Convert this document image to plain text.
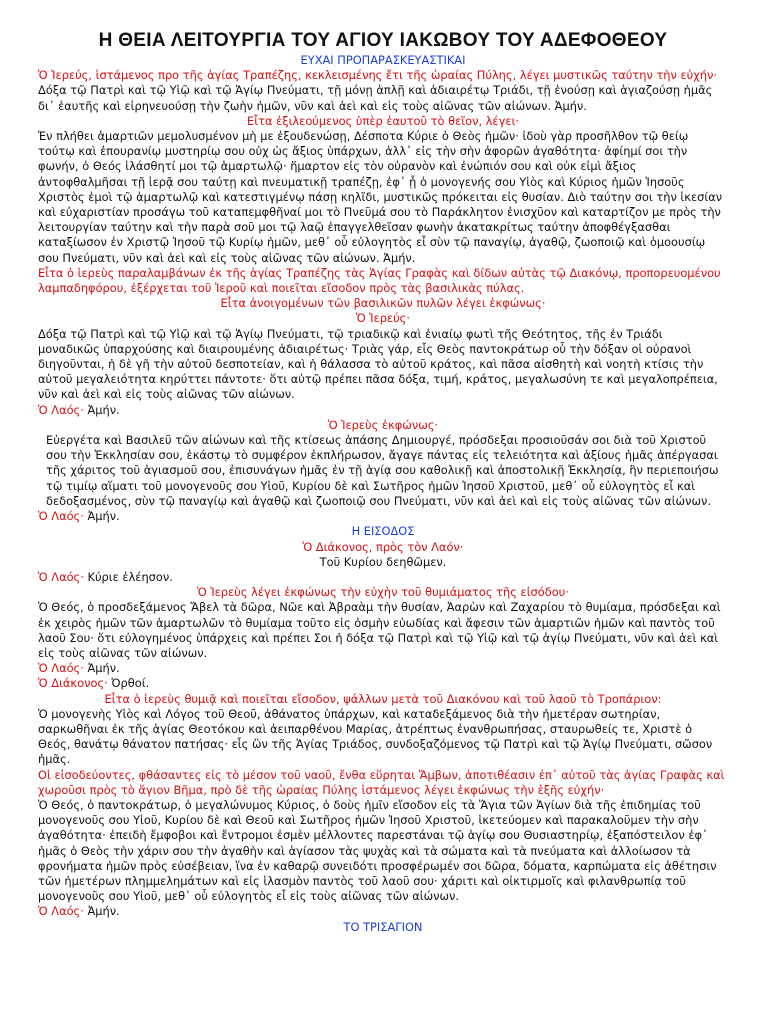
Η ΘΕΙΑ ΛΕΙΤΟΥΡΓΙΑ ΤΟΥ ΑΓΙΟΥ ΙΑΚΩΒΟΥ ΤΟΥ ΑΔΕΦΟΘΕΟΥ
ΕΥΧΑΙ ΠΡΟΠΑΡΑΣΚΕΥΑΣΤΙΚΑΙ

Ὁ Ἱερεύς, ἱστάμενος προ τῆς ἁγίας Τραπέζης, κεκλεισμένης ἔτι τῆς ὡραίας Πύλης, λέγει μυστικῶς ταύτην τὴν εὐχήν·

Δόξα τῷ Πατρὶ καὶ τῷ Υἱῷ καὶ τῷ Ἁγίῳ Πνεύματι, τῇ μόνῃ ἁπλῇ καὶ ἀδιαιρέτῳ Τριάδι, τῇ ἑνούσῃ καὶ ἁγιαζούσῃ ἡμᾶς δι᾿ ἑαυτῆς καὶ εἰρηνευούσῃ τὴν ζωὴν ἡμῶν, νῦν καὶ ἀεὶ καὶ εἰς τοὺς αἰῶνας τῶν αἰώνων. Ἀμήν.

Εἶτα ἐξιλεούμενος ὑπὲρ ἑαυτοῦ τὸ θεῖον, λέγει·

Ἐν πλήθει ἁμαρτιῶν μεμολυσμένον μὴ με ἐξουδενώσῃ, Δέσποτα Κύριε ὁ Θεὸς ἡμῶν· ἰδοὺ γὰρ προσῆλθον τῷ θείῳ τούτῳ καὶ ἐπουρανίῳ μυστηρίῳ σου οὐχ ὡς ἄξιος ὑπάρχων, ἀλλ᾿ εἰς τὴν σὴν ἀφορῶν ἀγαθότητα· ἀφίημί σοι τὴν φωνήν, ὁ Θεός ἱλάσθητί μοι τῷ ἁμαρτωλῷ· ἥμαρτον εἰς τὸν οὐρανὸν καὶ ἐνώπιόν σου καὶ οὐκ εἰμὶ ἄξιος ἀντοφθαλμῆσαι τῇ ἱερᾷ σου ταύτῃ καὶ πνευματικῇ τραπέζῃ, ἐφ᾿ ᾗ ὁ μονογενής σου Υἱὸς καὶ Κύριος ἡμῶν Ἰησοῦς Χριστὸς ἐμοὶ τῷ ἁμαρτωλῷ καὶ κατεστιγμένῳ πάσῃ κηλῖδι, μυστικῶς πρόκειται εἰς θυσίαν. Διὸ ταύτην σοι τὴν ἱκεσίαν καὶ εὐχαριστίαν προσάγω τοῦ καταπεμφθῆναί μοι τὸ Πνεῦμά σου τὸ Παράκλητον ἐνισχῦον καὶ καταρτίζον με πρὸς τὴν λειτουργίαν ταύτην καὶ τὴν παρὰ σοῦ μοι τῷ λαῷ ἐπαγγελθεῖσαν φωνὴν ἀκατακρίτως ταύτην ἀποφθέγξασθαι καταξίωσον ἐν Χριστῷ Ἰησοῦ τῷ Κυρίῳ ἡμῶν, μεθ᾿ οὗ εὐλογητὸς εἶ σὺν τῷ παναγίῳ, ἀγαθῷ, ζωοποιῷ καὶ ὁμοουσίῳ σου Πνεύματι, νῦν καὶ ἀεὶ καὶ εἰς τοὺς αἰῶνας τῶν αἰώνων. Ἀμήν.

Εἶτα ὁ ἱερεὺς παραλαμβάνων ἐκ τῆς ἁγίας Τραπέζης τὰς Ἁγίας Γραφὰς καὶ δίδων αὐτὰς τῷ Διακόνῳ, προπορευομένου λαμπαδηφόρου, ἐξέρχεται τοῦ Ἱεροῦ καὶ ποιεῖται εἴσοδον πρὸς τὰς βασιλικὰς πύλας.

Εἶτα ἀνοιγομένων τῶν βασιλικῶν πυλῶν λέγει ἐκφώνως·

Ὁ Ἱερεύς·

Δόξα τῷ Πατρὶ καὶ τῷ Υἱῷ καὶ τῷ Ἁγίῳ Πνεύματι, τῷ τριαδικῷ καὶ ἑνιαίῳ φωτὶ τῆς Θεότητος, τῆς ἐν Τριάδι μοναδικῶς ὑπαρχούσης καὶ διαιρουμένης ἀδιαιρέτως· Τριὰς γάρ, εἷς Θεὸς παντοκράτωρ οὗ τὴν δόξαν οἱ οὐρανοὶ διηγοῦνται, ἡ δὲ γῆ τὴν αὐτοῦ δεσποτείαν, καὶ ἡ θάλασσα τὸ αὐτοῦ κράτος, καὶ πᾶσα αἰσθητὴ καὶ νοητὴ κτίσις τὴν αὐτοῦ μεγαλειότητα κηρύττει πάντοτε· ὅτι αὐτῷ πρέπει πᾶσα δόξα, τιμή, κράτος, μεγαλωσύνη τε καὶ μεγαλοπρέπεια, νῦν καὶ ἀεὶ καὶ εἰς τοὺς αἰῶνας τῶν αἰώνων.

Ὁ Λαός· Ἀμήν.

Ὁ Ἱερεὺς ἐκφώνως·

Εὐεργέτα καὶ Βασιλεῦ τῶν αἰώνων καὶ τῆς κτίσεως ἁπάσης Δημιουργέ, πρόσδεξαι προσιοῦσάν σοι διὰ τοῦ Χριστοῦ σου τὴν Ἐκκλησίαν σου, ἑκάστῳ τὸ συμφέρον ἐκπλήρωσον, ἄγαγε πάντας εἰς τελειότητα καὶ ἀξίους ἡμᾶς ἀπέργασαι τῆς χάριτος τοῦ ἁγιασμοῦ σου, ἐπισυνάγων ἡμᾶς ἐν τῇ ἁγίᾳ σου καθολικῇ καὶ ἀποστολικῇ Ἐκκλησίᾳ, ἣν περιεποιήσω τῷ τιμίῳ αἵματι τοῦ μονογενοῦς σου Υἱοῦ, Κυρίου δὲ καὶ Σωτῆρος ἡμῶν Ἰησοῦ Χριστοῦ, μεθ᾿ οὗ εὐλογητὸς εἶ καὶ δεδοξασμένος, σὺν τῷ παναγίῳ καὶ ἀγαθῷ καὶ ζωοποιῷ σου Πνεύματι, νῦν καὶ ἀεὶ καὶ εἰς τοὺς αἰῶνας τῶν αἰώνων.

Ὁ Λαός· Ἀμήν.

Η ΕΙΣΟΔΟΣ

Ὁ Διάκονος, πρὸς τὸν Λαόν·

Τοῦ Κυρίου δεηθῶμεν.

Ὁ Λαός· Κύριε ἐλέησον.

Ὁ Ἱερεὺς λέγει ἐκφώνως τὴν εὐχὴν τοῦ θυμιάματος τῆς εἰσόδου·

Ὁ Θεός, ὁ προσδεξάμενος Ἄβελ τὰ δῶρα, Νῶε καὶ Ἀβραὰμ τὴν θυσίαν, Ἀαρὼν καὶ Ζαχαρίου τὸ θυμίαμα, πρόσδεξαι καὶ ἐκ χειρὸς ἡμῶν τῶν ἁμαρτωλῶν τὸ θυμίαμα τοῦτο εἰς ὀσμὴν εὐωδίας καὶ ἄφεσιν τῶν ἁμαρτιῶν ἡμῶν καὶ παντὸς τοῦ λαοῦ Σου· ὅτι εὐλογημένος ὑπάρχεις καὶ πρέπει Σοι ἡ δόξα τῷ Πατρὶ καὶ τῷ Υἱῷ καὶ τῷ ἁγίῳ Πνεύματι, νῦν καὶ ἀεὶ καὶ εἰς τοὺς αἰῶνας τῶν αἰώνων.

Ὁ Λαός· Ἀμήν.

Ὁ Διάκονος· Ὀρθοί.

Εἶτα ὁ ἱερεὺς θυμιᾷ καὶ ποιεῖται εἴσοδον, ψάλλων μετὰ τοῦ Διακόνου καὶ τοῦ λαοῦ τὸ Τροπάριον:

Ὁ μονογενὴς Υἱὸς καὶ Λόγος τοῦ Θεοῦ, ἀθάνατος ὑπάρχων, καὶ καταδεξάμενος διὰ τὴν ἡμετέραν σωτηρίαν, σαρκωθῆναι ἐκ τῆς ἁγίας Θεοτόκου καὶ ἀειπαρθένου Μαρίας, ἀτρέπτως ἐνανθρωπήσας, σταυρωθείς τε, Χριστὲ ὁ Θεός, θανάτῳ θάνατον πατήσας· εἷς ὢν τῆς Ἁγίας Τριάδος, συνδοξαζόμενος τῷ Πατρὶ καὶ τῷ Ἁγίῳ Πνεύματι, σῶσον ἡμᾶς.

Οἱ εἰσοδεύοντες, φθάσαντες εἰς τὸ μέσον τοῦ ναοῦ, ἔνθα εὕρηται Ἄμβων, ἀποτιθέασιν ἐπ᾿ αὐτοῦ τὰς ἁγίας Γραφὰς καὶ χωροῦσι πρὸς τὸ ἅγιον Βῆμα, πρὸ δὲ τῆς ὡραίας Πύλης ἱστάμενος λέγει ἐκφώνως τὴν ἑξῆς εὐχήν·

Ὁ Θεός, ὁ παντοκράτωρ, ὁ μεγαλώνυμος Κύριος, ὁ δοὺς ἡμῖν εἴσοδον εἰς τὰ Ἅγια τῶν Ἁγίων διὰ τῆς ἐπιδημίας τοῦ μονογενοῦς σου Υἱοῦ, Κυρίου δὲ καὶ Θεοῦ καὶ Σωτῆρος ἡμῶν Ἰησοῦ Χριστοῦ, ἱκετεύομεν καὶ παρακαλοῦμεν τὴν σὴν ἀγαθότητα· ἐπειδὴ ἔμφοβοι καὶ ἔντρομοι ἐσμὲν μέλλοντες παρεστάναι τῷ ἁγίῳ σου Θυσιαστηρίῳ, ἐξαπόστειλον ἐφ᾿ ἡμᾶς ὁ Θεὸς τὴν χάριν σου τὴν ἀγαθὴν καὶ ἁγίασον τὰς ψυχὰς καὶ τὰ σώματα καὶ τὰ πνεύματα καὶ ἀλλοίωσον τὰ φρονήματα ἡμῶν πρὸς εὐσέβειαν, ἵνα ἐν καθαρῷ συνειδότι προσφέρωμέν σοι δῶρα, δόματα, καρπώματα εἰς ἀθέτησιν τῶν ἡμετέρων πλημμελημάτων καὶ εἰς ἱλασμὸν παντὸς τοῦ λαοῦ σου· χάριτι καὶ οἰκτιρμοῖς καὶ φιλανθρωπίᾳ τοῦ μονογενοῦς σου Υἱοῦ, μεθ᾿ οὗ εὐλογητὸς εἶ εἰς τοὺς αἰῶνας τῶν αἰώνων.

Ὁ Λαός· Ἀμήν.

ΤΟ ΤΡΙΣΑΓΙΟΝ
